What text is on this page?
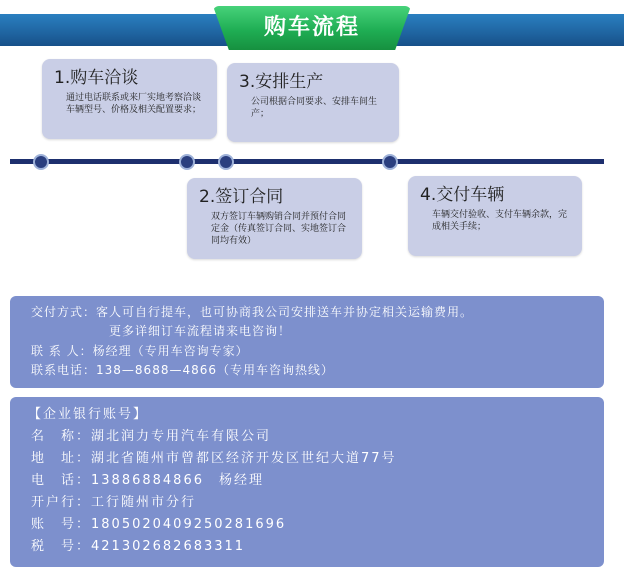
购车流程
1.购车洽谈
通过电话联系或来厂实地考察洽谈车辆型号、价格及相关配置要求；
3.安排生产
公司根据合同要求、安排车间生产；
2.签订合同
双方签订车辆购销合同并预付合同定金（传真签订合同、实地签订合同均有效）
4.交付车辆
车辆交付验收、支付车辆余款，完成相关手续；
交付方式：客人可自行提车，也可协商我公司安排送车并协定相关运输费用。
更多详细订车流程请来电咨询！
联 系 人：杨经理（专用车咨询专家）
联系电话：138—8688—4866（专用车咨询热线）
【企业银行账号】
名　称：湖北润力专用汽车有限公司
地　址：湖北省随州市曾都区经济开发区世纪大道77号
电　话：13886884866　杨经理
开户行：工行随州市分行
账　号：1805020409250281696
税　号：421302682683311
